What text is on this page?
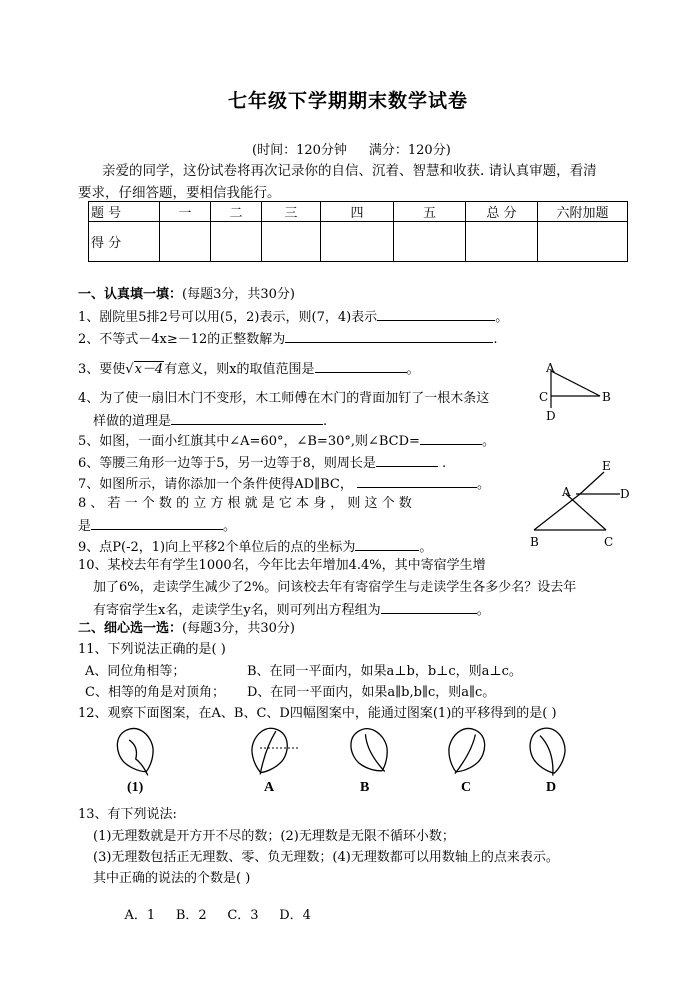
七年级下学期期末数学试卷
(时间：120分钟 满分：120分)
亲爱的同学，这份试卷将再次记录你的自信、沉着、智慧和收获. 请认真审题，看清
要求，仔细答题，要相信我能行。
题 号	一	二	三	四	五	总 分	六附加题
得 分							
一、认真填一填：(每题3分，共30分)
1、剧院里5排2号可以用(5，2)表示，则(7，4)表示	。
2、不等式－4x≥－12的正整数解为	.
3、要使√x－4有意义，则x的取值范围是	。
4、为了使一扇旧木门不变形，木工师傅在木门的背面加钉了一根木条这
样做的道理是	.
5、如图，一面小红旗其中∠A=60°，∠B=30°,则∠BCD=	。
6、等腰三角形一边等于5，另一边等于8，则周长是	.
7、如图所示，请你添加一个条件使得AD∥BC，	。
8 、 若 一 个 数 的 立 方 根 就 是 它 本 身 ， 则 这 个 数
是	。
9、点P(-2，1)向上平移2个单位后的点的坐标为	。
10、某校去年有学生1000名，今年比去年增加4.4%，其中寄宿学生增
加了6%，走读学生减少了2%。问该校去年有寄宿学生与走读学生各多少名？设去年
有寄宿学生x名，走读学生y名，则可列出方程组为	。
二、细心选一选：(每题3分，共30分)
11、下列说法正确的是( )
A、同位角相等；	B、在同一平面内，如果a⊥b，b⊥c，则a⊥c。
C、相等的角是对顶角； D、在同一平面内，如果a∥b,b∥c，则a∥c。
12、观察下面图案，在A、B、C、D四幅图案中，能通过图案(1)的平移得到的是( )
(1)	A	B	C	D
13、有下列说法:
(1)无理数就是开方开不尽的数；(2)无理数是无限不循环小数；
(3)无理数包括正无理数、零、负无理数；(4)无理数都可以用数轴上的点来表示。
其中正确的说法的个数是( )

A．1     B．2     C．3     D．4

A
C	B
D
E
A	D
B	C
